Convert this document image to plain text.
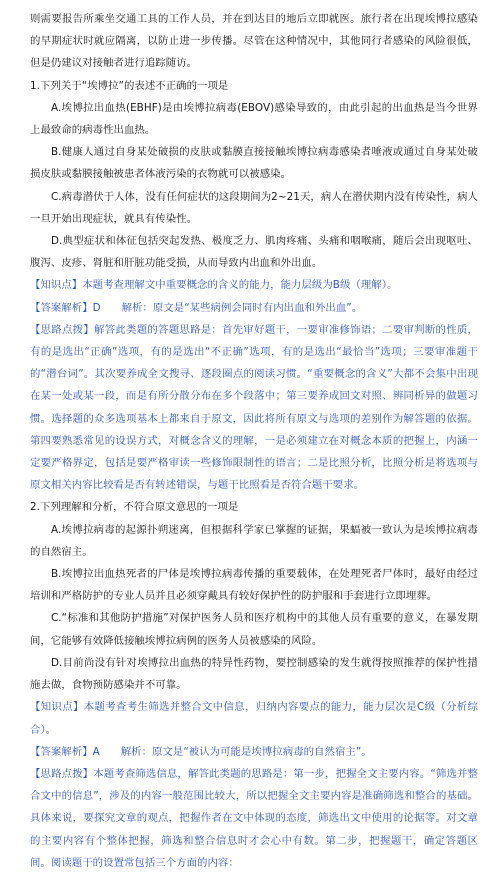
则需要报告所乘坐交通工具的工作人员，并在到达目的地后立即就医。旅行者在出现埃博拉感染的早期症状时就应隔离，以防止进一步传播。尽管在这种情况中，其他同行者感染的风险很低，但是仍建议对接触者进行追踪随访。

1.下列关于“埃博拉”的表述不正确的一项是

A.埃博拉出血热(EBHF)是由埃博拉病毒(EBOV)感染导致的，由此引起的出血热是当今世界上最致命的病毒性出血热。

B.健康人通过自身某处破损的皮肤或黏膜直接接触埃博拉病毒感染者唾液或通过自身某处破损皮肤或黏膜接触被患者体液污染的衣物就可以被感染。

C.病毒潜伏于人体，没有任何症状的这段期间为2~21天，病人在潜伏期内没有传染性，病人一旦开始出现症状，就具有传染性。

D.典型症状和体征包括突起发热、极度乏力、肌肉疼痛、头痛和咽喉痛，随后会出现呕吐、腹泻、皮疹、肾脏和肝脏功能受损，从而导致内出血和外出血。

【知识点】本题考查理解文中重要概念的含义的能力，能力层级为B级（理解）。

【答案解析】D　　解析：原文是“某些病例会同时有内出血和外出血”。

【思路点拨】解答此类题的答题思路是：首先审好题干，一要审准修饰语；二要审判断的性质，有的是选出“正确”选项，有的是选出“不正确”选项，有的是选出“最恰当”选项；三要审准题干的“潜台词”。其次要养成全文搜寻、逐段圈点的阅读习惯。“重要概念的含义”大都不会集中出现在某一处或某一段，而是有所分散分布在多个段落中；第三要养成回文对照、辨同析异的做题习惯。选择题的众多选项基本上都来自于原文，因此将所有原文与选项的差别作为解答题的依据。第四要熟悉常见的设误方式，对概念含义的理解，一是必须建立在对概念本质的把握上，内涵一定要严格界定，包括是要严格审读一些修饰限制性的语言；二是比照分析，比照分析是将选项与原文相关内容比较看是否有转述错误，与题干比照看是否符合题干要求。

2.下列理解和分析，不符合原文意思的一项是

A.埃博拉病毒的起源扑朔迷离，但根据科学家已掌握的证据，果蝠被一致认为是埃博拉病毒的自然宿主。

B.埃博拉出血热死者的尸体是埃博拉病毒传播的重要载体，在处理死者尸体时，最好由经过培训和严格防护的专业人员并且必须穿戴具有较好保护性的防护服和手套进行立即埋葬。

C.“标准和其他防护措施”对保护医务人员和医疗机构中的其他人员有重要的意义，在暴发期间，它能够有效降低接触埃博拉病例的医务人员被感染的风险。

D.目前尚没有针对埃博拉出血热的特异性药物，要控制感染的发生就得按照推荐的保护性措施去做，食物预防感染并不可靠。

【知识点】本题考查考生筛选并整合文中信息，归纳内容要点的能力，能力层次是C级（分析综合）。

【答案解析】A　　解析：原文是“被认为可能是埃博拉病毒的自然宿主”。

【思路点拨】本题考查筛选信息，解答此类题的思路是：第一步，把握全文主要内容。“筛选并整合文中的信息”，涉及的内容一般范围比较大，所以把握全文主要内容是准确筛选和整合的基础。具体来说，要探究文章的观点，把握作者在文中体现的态度，筛选出文中使用的论据等。对文章的主要内容有个整体把握，筛选和整合信息时才会心中有数。第二步，把握题干，确定答题区间。阅读题干的设置常包括三个方面的内容：
